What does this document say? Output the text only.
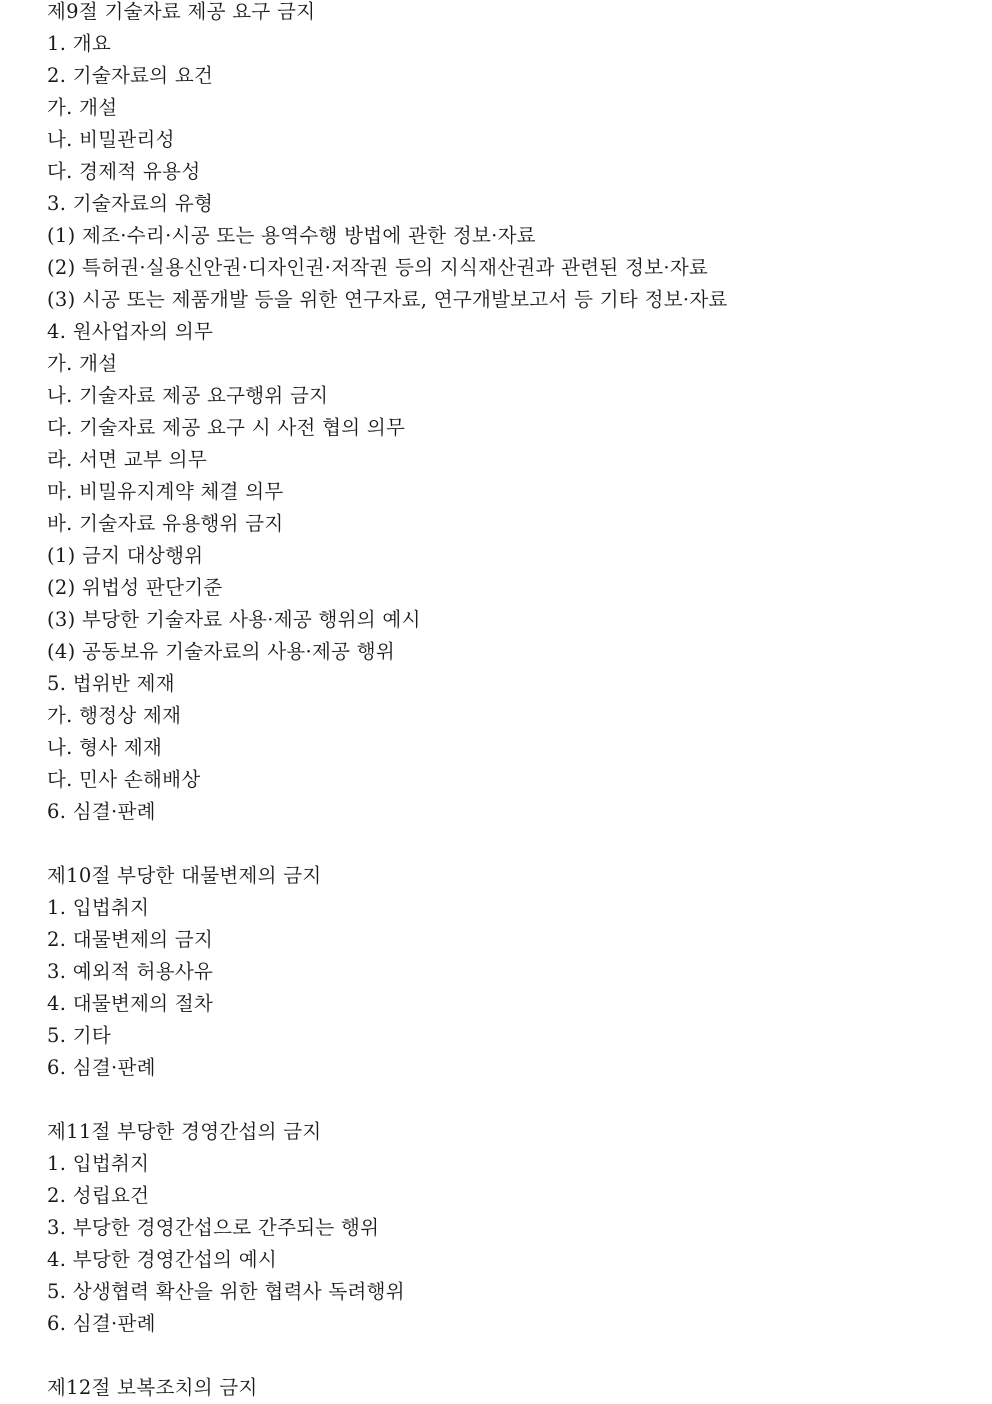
제9절 기술자료 제공 요구 금지
1. 개요
2. 기술자료의 요건
가. 개설
나. 비밀관리성
다. 경제적 유용성
3. 기술자료의 유형
(1) 제조·수리·시공 또는 용역수행 방법에 관한 정보·자료
(2) 특허권·실용신안권·디자인권·저작권 등의 지식재산권과 관련된 정보·자료
(3) 시공 또는 제품개발 등을 위한 연구자료, 연구개발보고서 등 기타 정보·자료
4. 원사업자의 의무
가. 개설
나. 기술자료 제공 요구행위 금지
다. 기술자료 제공 요구 시 사전 협의 의무
라. 서면 교부 의무
마. 비밀유지계약 체결 의무
바. 기술자료 유용행위 금지
(1) 금지 대상행위
(2) 위법성 판단기준
(3) 부당한 기술자료 사용·제공 행위의 예시
(4) 공동보유 기술자료의 사용·제공 행위
5. 법위반 제재
가. 행정상 제재
나. 형사 제재
다. 민사 손해배상
6. 심결·판례
제10절 부당한 대물변제의 금지
1. 입법취지
2. 대물변제의 금지
3. 예외적 허용사유
4. 대물변제의 절차
5. 기타
6. 심결·판례
제11절 부당한 경영간섭의 금지
1. 입법취지
2. 성립요건
3. 부당한 경영간섭으로 간주되는 행위
4. 부당한 경영간섭의 예시
5. 상생협력 확산을 위한 협력사 독려행위
6. 심결·판례
제12절 보복조치의 금지
